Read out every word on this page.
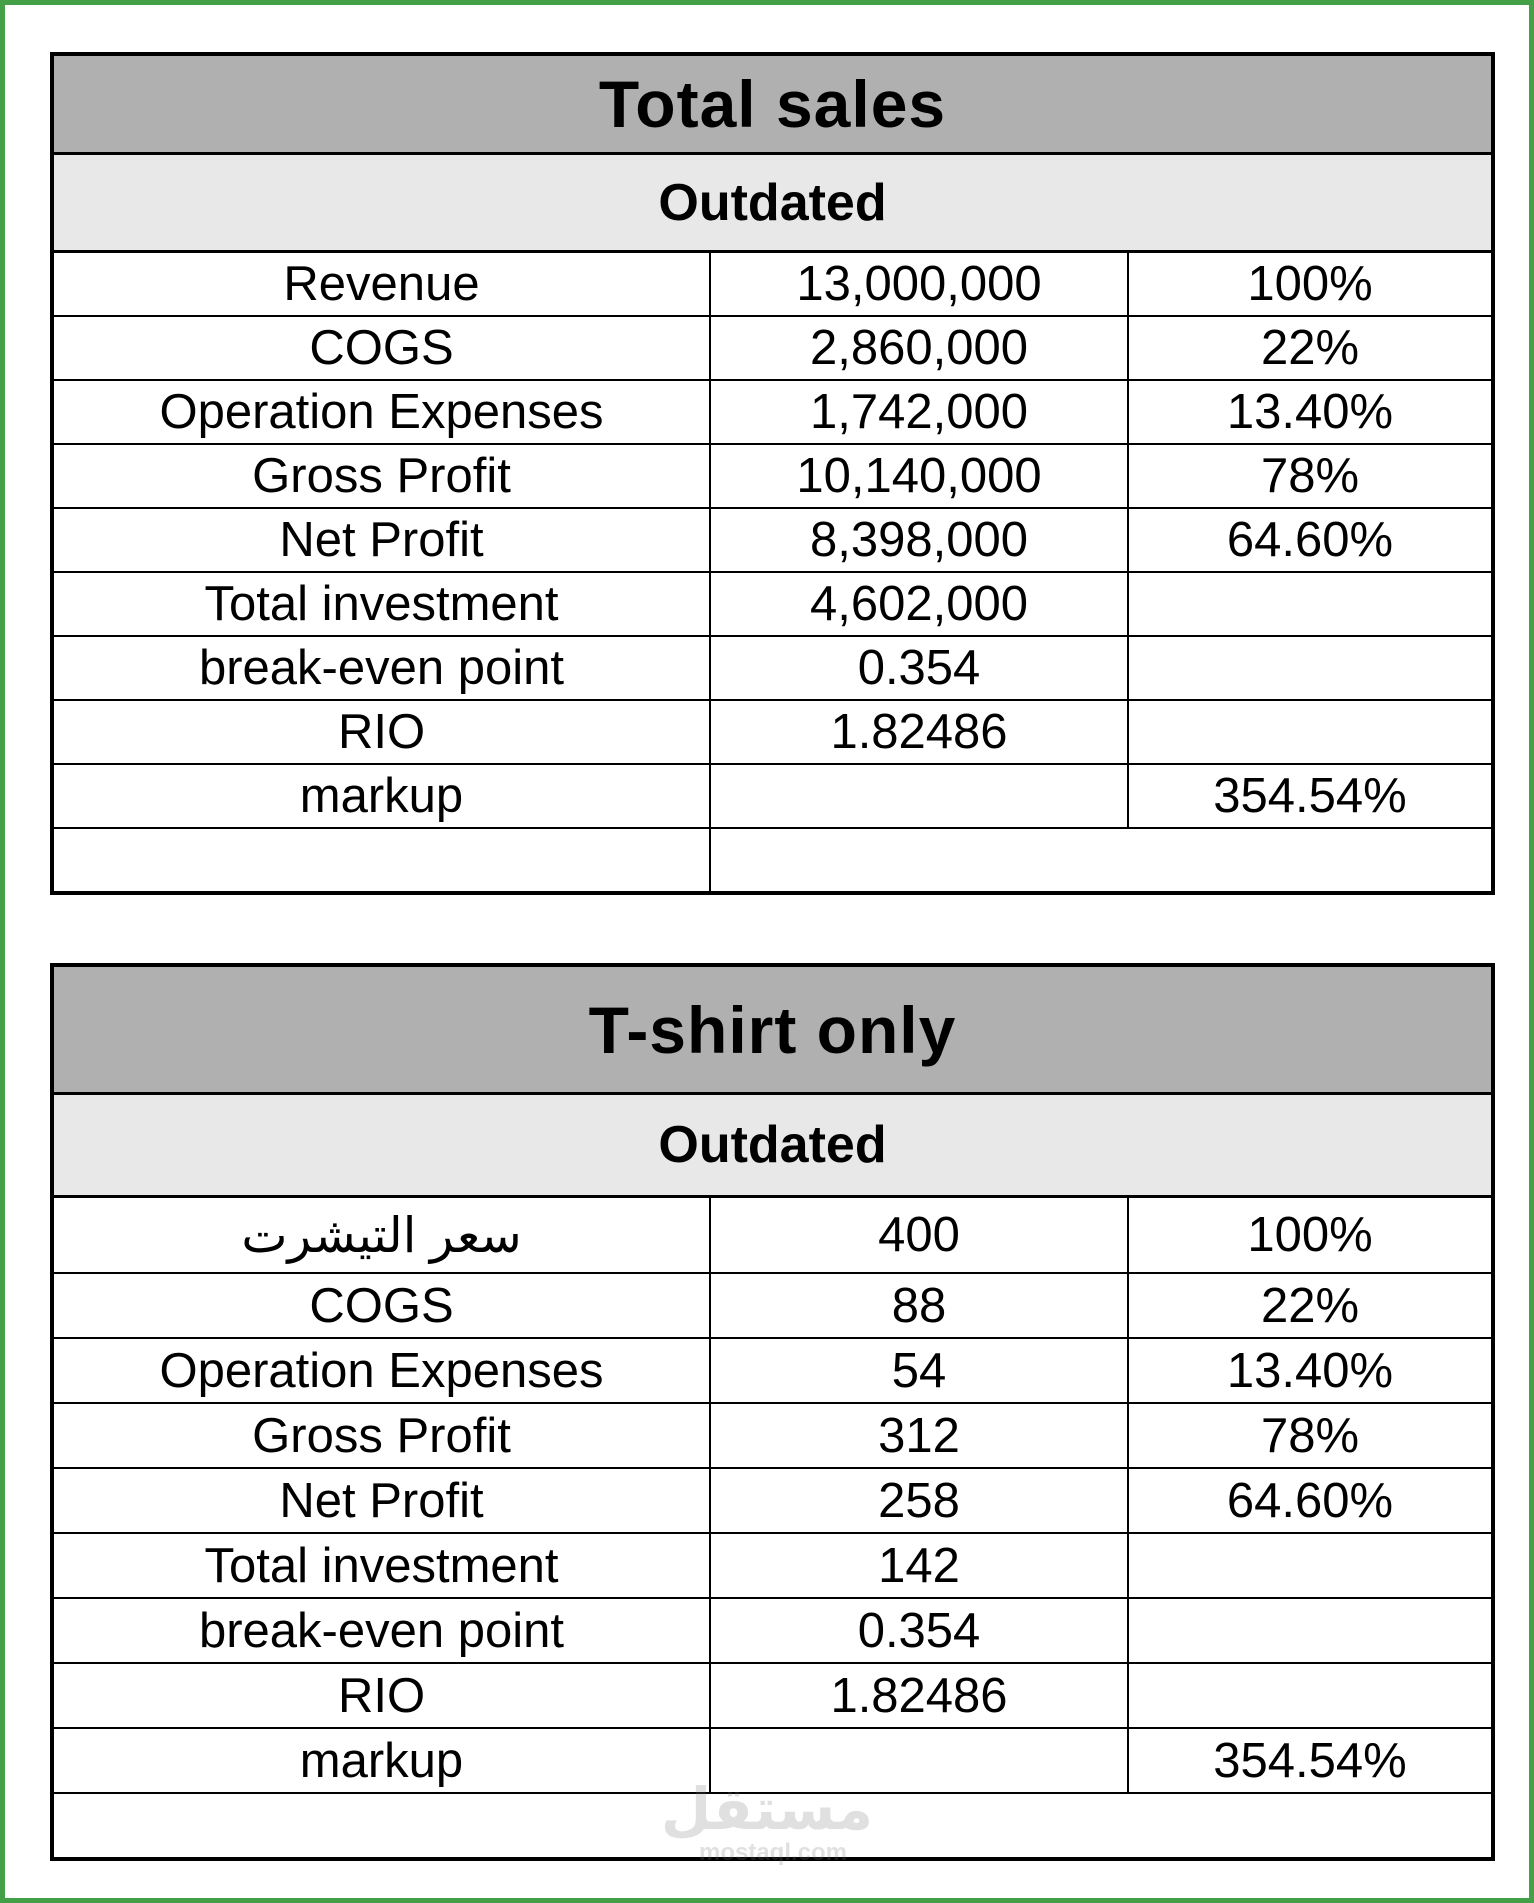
Total sales		
Outdated		
Revenue	13,000,000	100%
COGS	2,860,000	22%
Operation Expenses	1,742,000	13.40%
Gross Profit	10,140,000	78%
Net Profit	8,398,000	64.60%
Total investment	4,602,000	
break-even point	0.354	
RIO	1.82486	
markup		354.54%

T-shirt only		
Outdated		
سعر التيشرت	400	100%
COGS	88	22%
Operation Expenses	54	13.40%
Gross Profit	312	78%
Net Profit	258	64.60%
Total investment	142	
break-even point	0.354	
RIO	1.82486	
markup		354.54%

مستقل
mostaql.com
